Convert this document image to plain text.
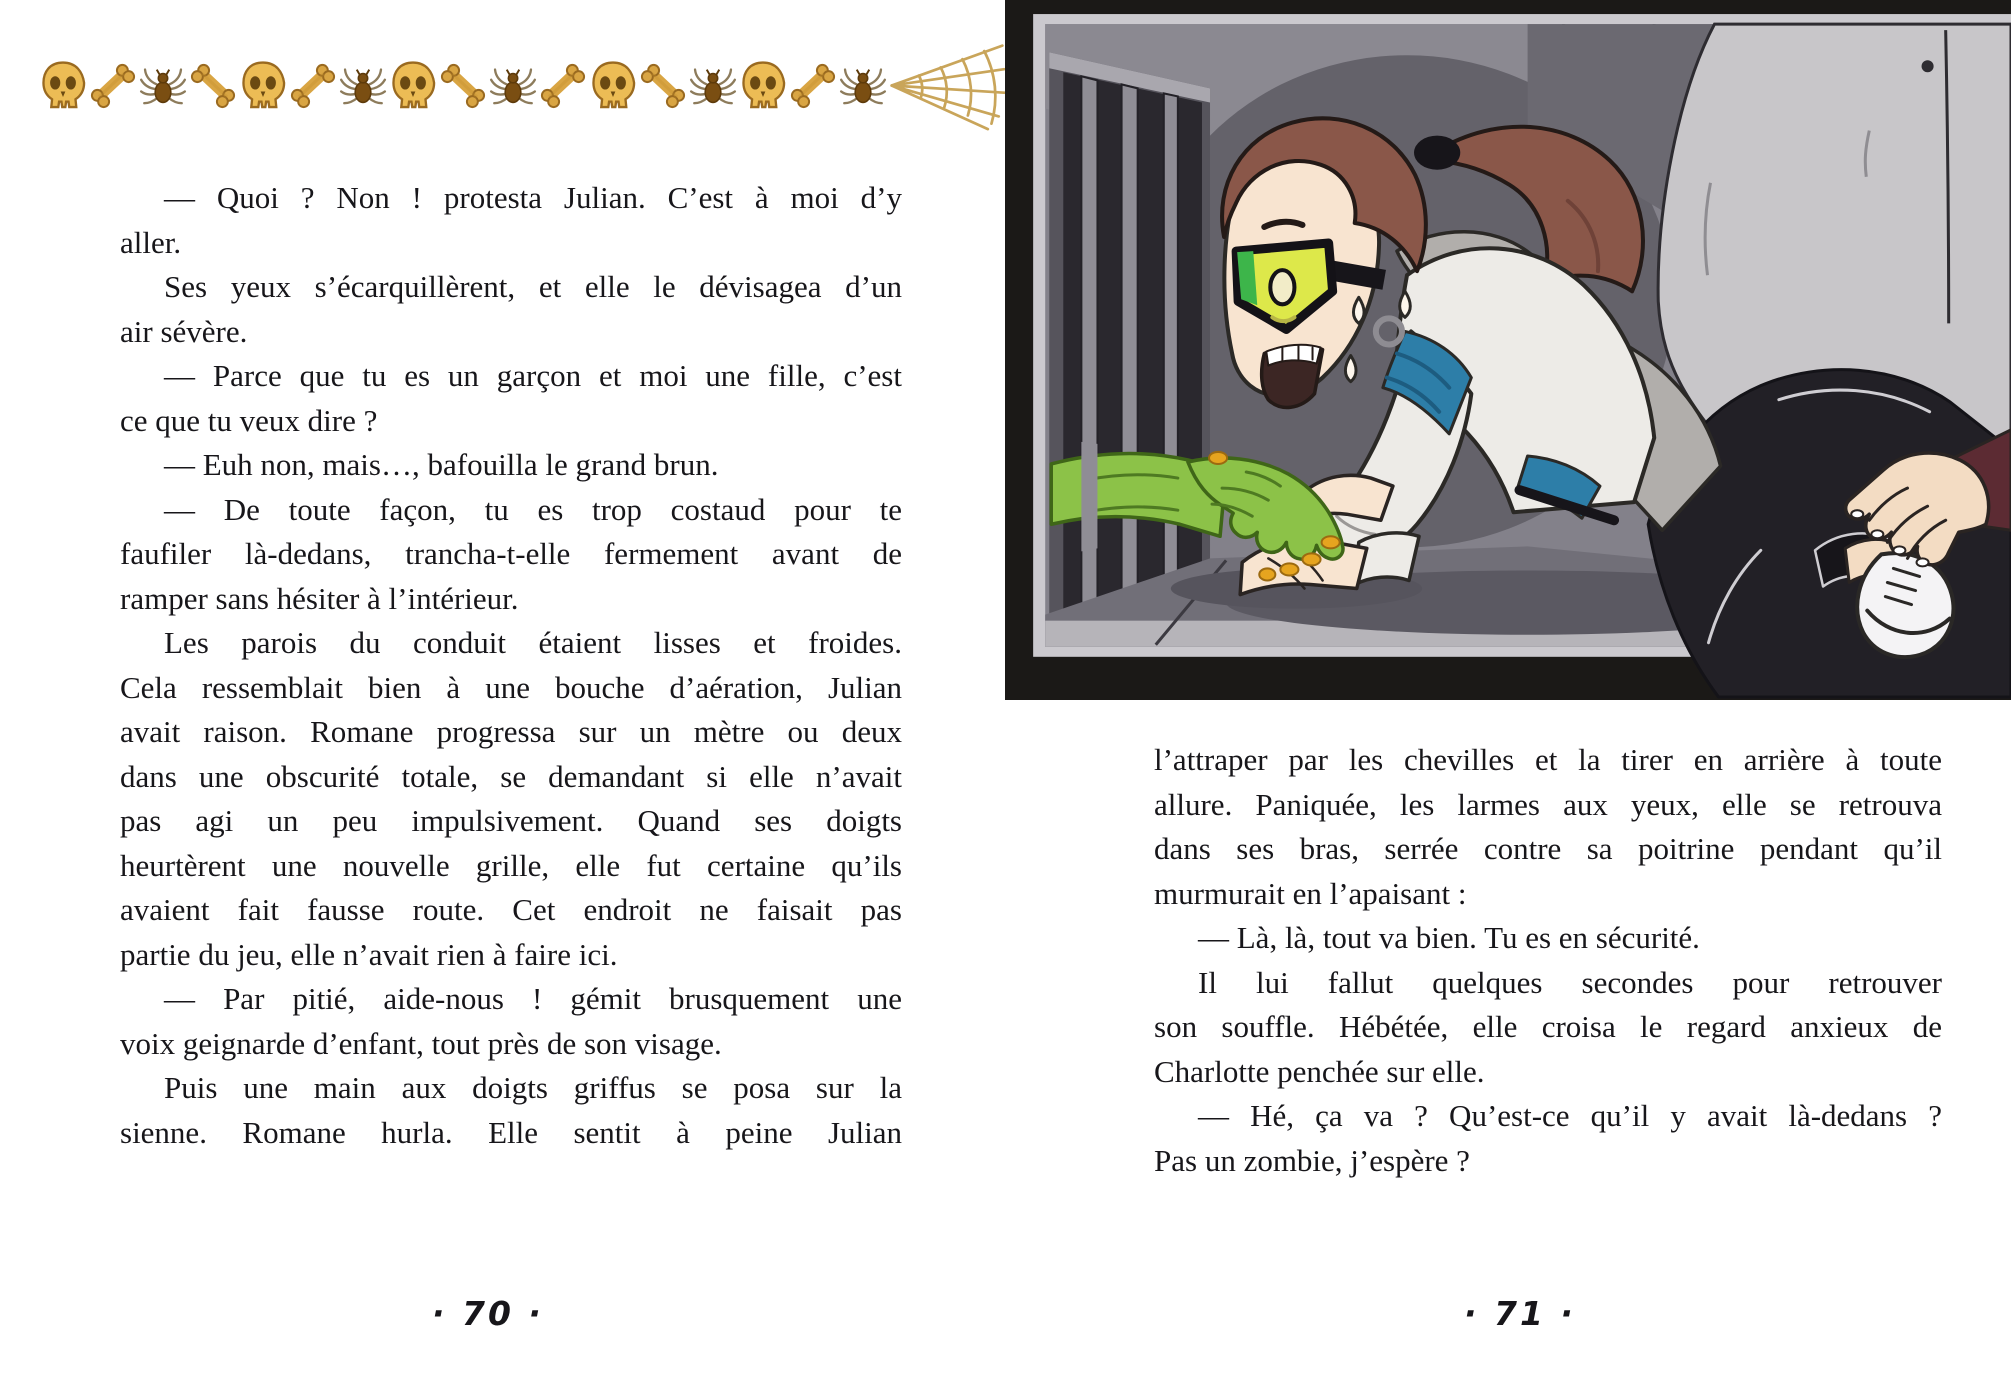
— Quoi ? Non ! protesta Julian. C’est à moi d’y
aller.
Ses yeux s’écarquillèrent, et elle le dévisagea d’un
air sévère.
— Parce que tu es un garçon et moi une fille, c’est
ce que tu veux dire ?
— Euh non, mais…, bafouilla le grand brun.
— De toute façon, tu es trop costaud pour te
faufiler là-dedans, trancha-t-elle fermement avant de
ramper sans hésiter à l’intérieur.
Les parois du conduit étaient lisses et froides.
Cela ressemblait bien à une bouche d’aération, Julian
avait raison. Romane progressa sur un mètre ou deux
dans une obscurité totale, se demandant si elle n’avait
pas agi un peu impulsivement. Quand ses doigts
heurtèrent une nouvelle grille, elle fut certaine qu’ils
avaient fait fausse route. Cet endroit ne faisait pas
partie du jeu, elle n’avait rien à faire ici.
— Par pitié, aide-nous ! gémit brusquement une
voix geignarde d’enfant, tout près de son visage.
Puis une main aux doigts griffus se posa sur la
sienne. Romane hurla. Elle sentit à peine Julian
· 70 ·
l’attraper par les chevilles et la tirer en arrière à toute
allure. Paniquée, les larmes aux yeux, elle se retrouva
dans ses bras, serrée contre sa poitrine pendant qu’il
murmurait en l’apaisant :
— Là, là, tout va bien. Tu es en sécurité.
Il lui fallut quelques secondes pour retrouver
son souffle. Hébétée, elle croisa le regard anxieux de
Charlotte penchée sur elle.
— Hé, ça va ? Qu’est-ce qu’il y avait là-dedans ?
Pas un zombie, j’espère ?
· 71 ·
